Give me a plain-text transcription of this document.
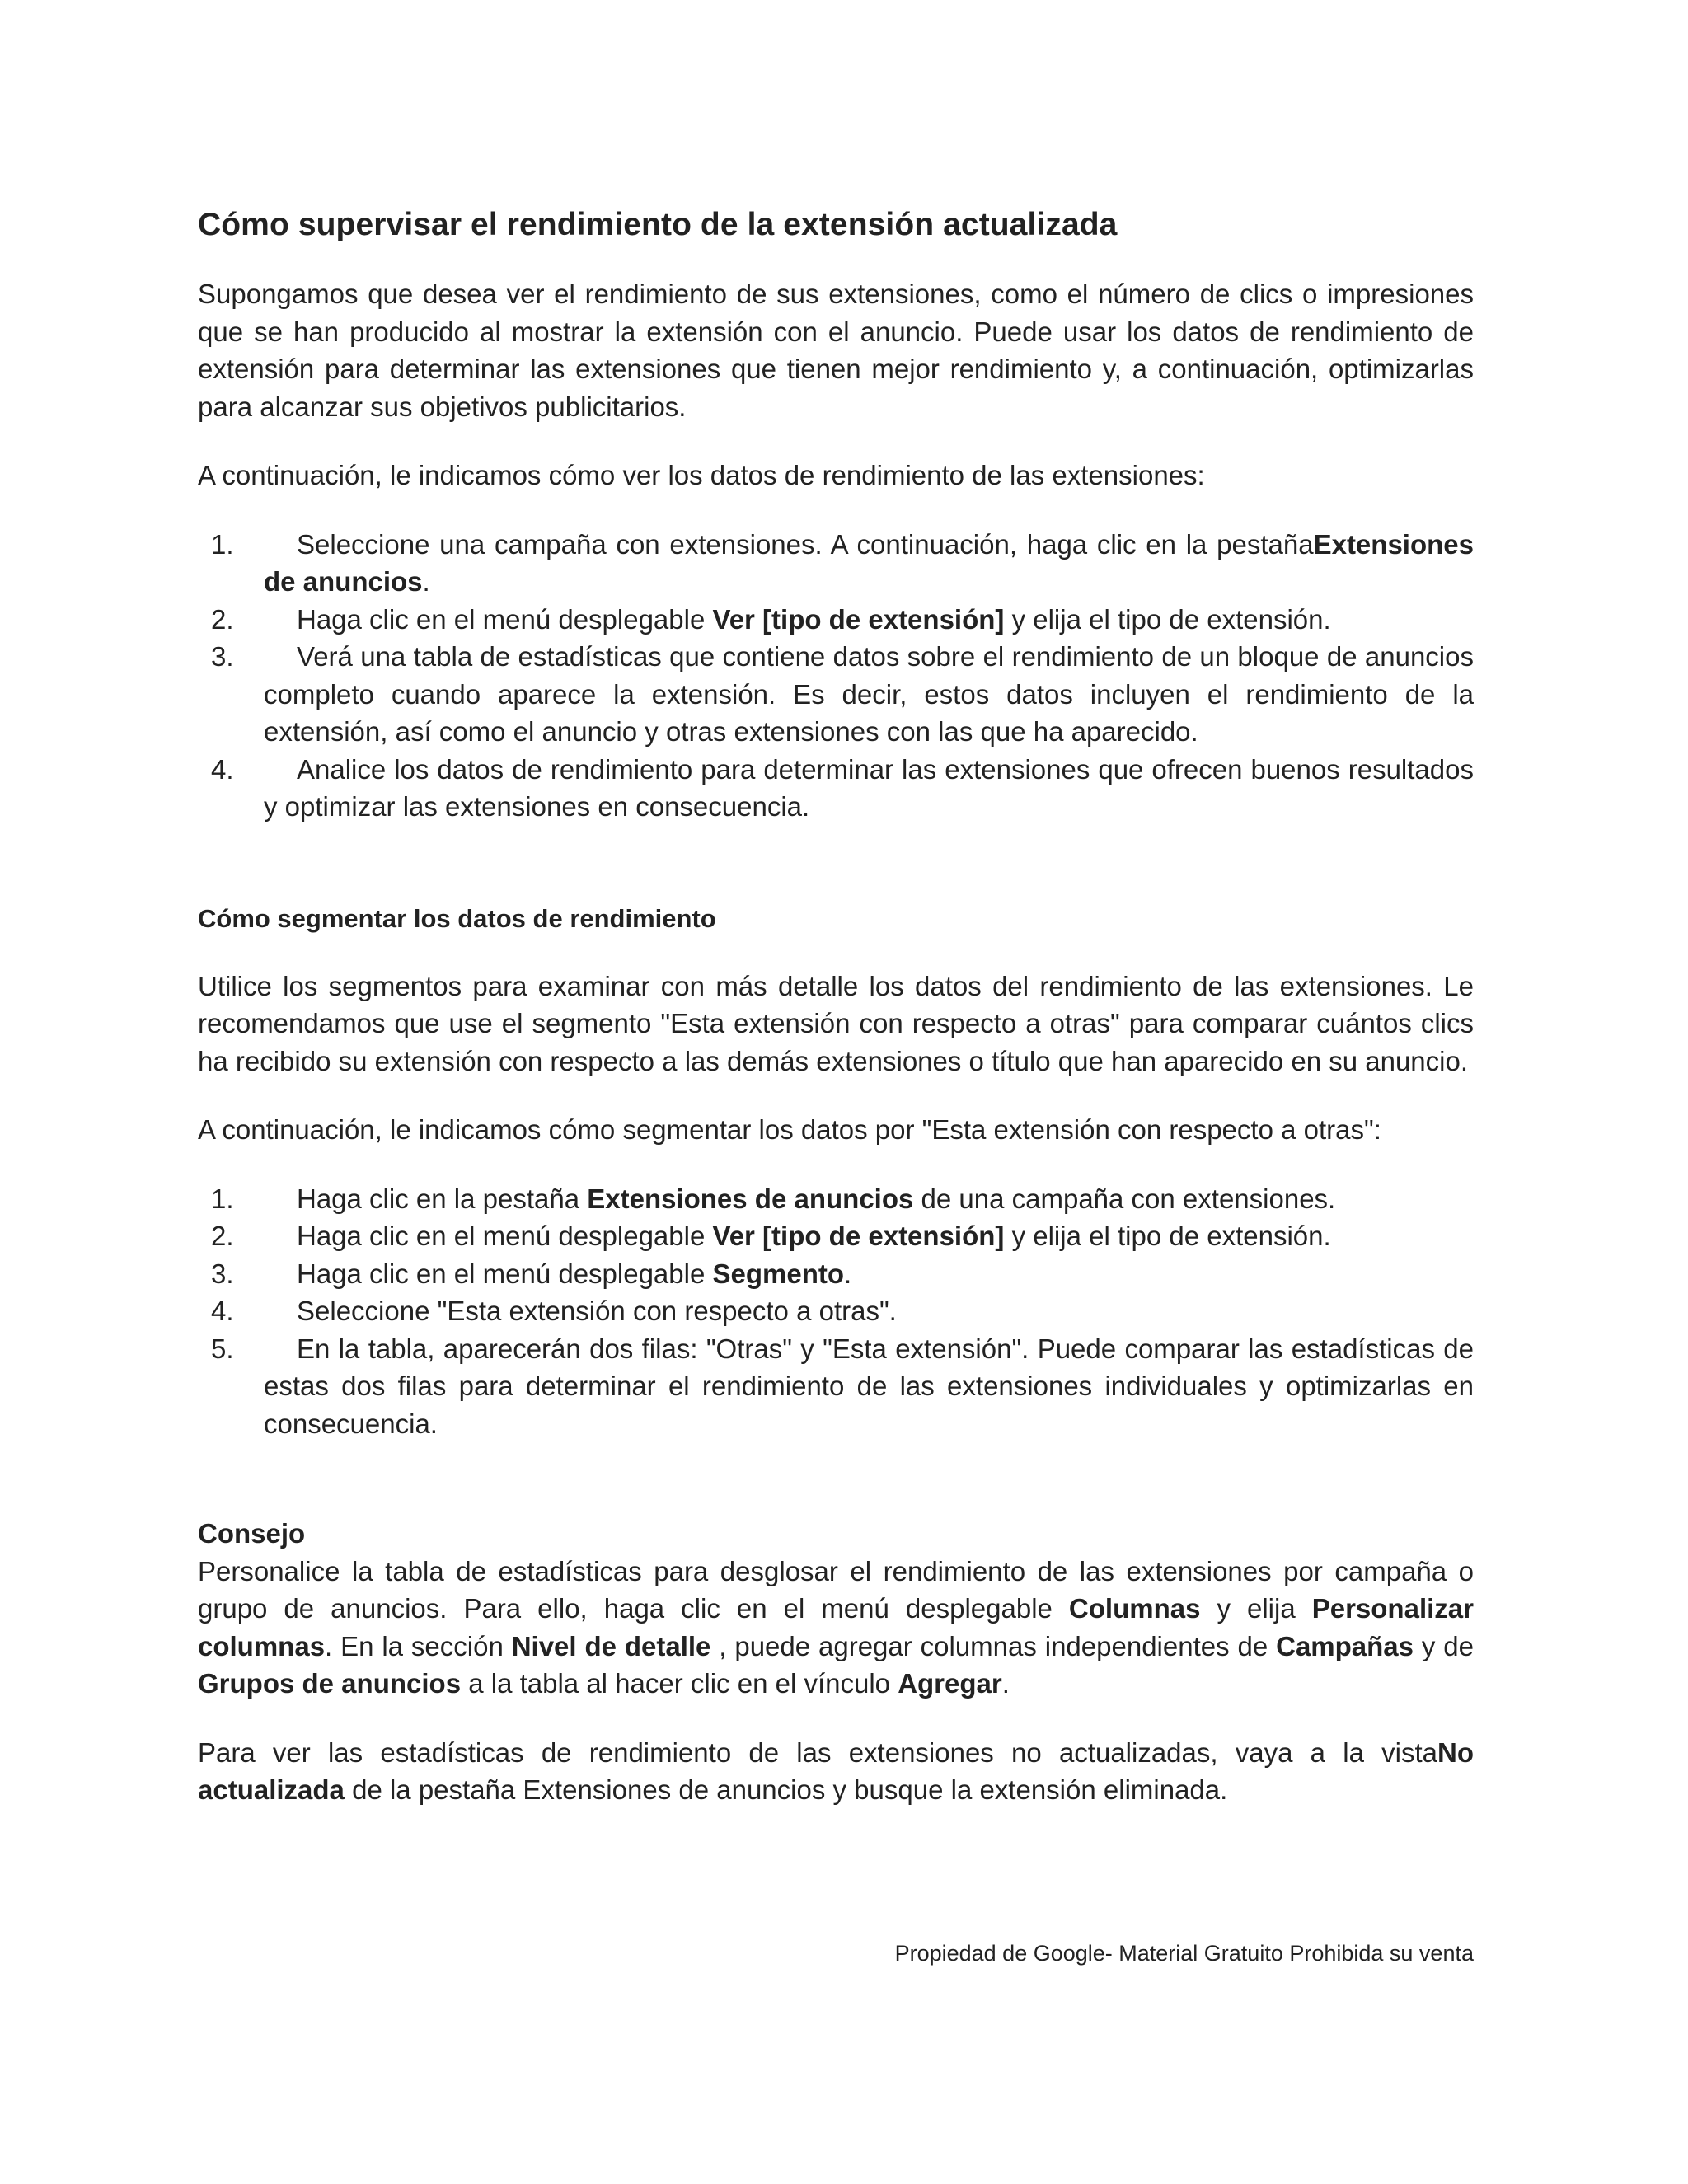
Cómo supervisar el rendimiento de la extensión actualizada
Supongamos que desea ver el rendimiento de sus extensiones, como el número de clics o impresiones que se han producido al mostrar la extensión con el anuncio. Puede usar los datos de rendimiento de extensión para determinar las extensiones que tienen mejor rendimiento y, a continuación, optimizarlas para alcanzar sus objetivos publicitarios.
A continuación, le indicamos cómo ver los datos de rendimiento de las extensiones:
1.	Seleccione una campaña con extensiones. A continuación, haga clic en la pestañaExtensiones de anuncios.
2.	Haga clic en el menú desplegable Ver [tipo de extensión] y elija el tipo de extensión.
3.	Verá una tabla de estadísticas que contiene datos sobre el rendimiento de un bloque de anuncios completo cuando aparece la extensión. Es decir, estos datos incluyen el rendimiento de la extensión, así como el anuncio y otras extensiones con las que ha aparecido.
4.	Analice los datos de rendimiento para determinar las extensiones que ofrecen buenos resultados y optimizar las extensiones en consecuencia.
Cómo segmentar los datos de rendimiento
Utilice los segmentos para examinar con más detalle los datos del rendimiento de las extensiones. Le recomendamos que use el segmento "Esta extensión con respecto a otras" para comparar cuántos clics ha recibido su extensión con respecto a las demás extensiones o título que han aparecido en su anuncio.
A continuación, le indicamos cómo segmentar los datos por "Esta extensión con respecto a otras":
1.	Haga clic en la pestaña Extensiones de anuncios de una campaña con extensiones.
2.	Haga clic en el menú desplegable Ver [tipo de extensión] y elija el tipo de extensión.
3.	Haga clic en el menú desplegable Segmento.
4.	Seleccione "Esta extensión con respecto a otras".
5.	En la tabla, aparecerán dos filas: "Otras" y "Esta extensión". Puede comparar las estadísticas de estas dos filas para determinar el rendimiento de las extensiones individuales y optimizarlas en consecuencia.
Consejo
Personalice la tabla de estadísticas para desglosar el rendimiento de las extensiones por campaña o grupo de anuncios. Para ello, haga clic en el menú desplegable Columnas y elija Personalizar columnas. En la sección Nivel de detalle , puede agregar columnas independientes de Campañas y de Grupos de anuncios a la tabla al hacer clic en el vínculo Agregar.
Para ver las estadísticas de rendimiento de las extensiones no actualizadas, vaya a la vistaNo actualizada de la pestaña Extensiones de anuncios y busque la extensión eliminada.
Propiedad de Google- Material Gratuito Prohibida su venta
